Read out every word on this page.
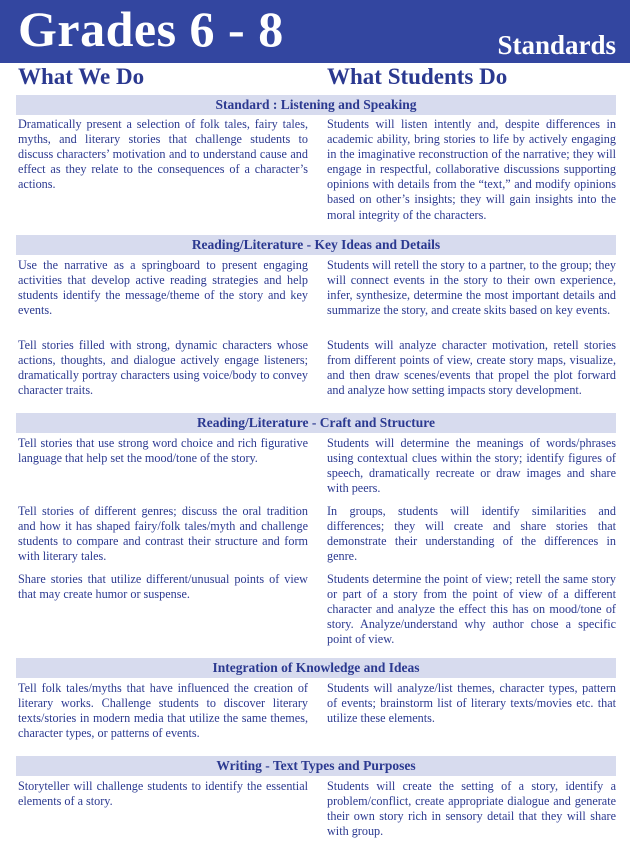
Grades 6 - 8	Standards
What We Do	What Students Do
Standard : Listening and Speaking
Dramatically present a selection of folk tales, fairy tales, myths, and literary stories that challenge students to discuss characters’ motivation and to understand cause and effect as they relate to the consequences of a character’s actions.
Students will listen intently and, despite differences in academic ability, bring stories to life by actively engaging in the imaginative reconstruction of the narrative; they will engage in respectful, collaborative discussions supporting opinions with details from the “text,” and modify opinions based on other’s insights; they will gain insights into the moral integrity of the characters.
Reading/Literature - Key Ideas and Details
Use the narrative as a springboard to present engaging activities that develop active reading strategies and help students identify the message/theme of the story and key events.
Students will retell the story to a partner, to the group; they will connect events in the story to their own experience, infer, synthesize, determine the most important details and summarize the story, and create skits based on key events.
Tell stories filled with strong, dynamic characters whose actions, thoughts, and dialogue actively engage listeners; dramatically portray characters using voice/body to convey character traits.
Students will analyze character motivation, retell stories from different points of view, create story maps, visualize, and then draw scenes/events that propel the plot forward and analyze how setting impacts story development.
Reading/Literature - Craft and Structure
Tell stories that use strong word choice and rich figurative language that help set the mood/tone of the story.
Students will determine the meanings of words/phrases using contextual clues within the story; identify figures of speech, dramatically recreate or draw images and share with peers.
Tell stories of different genres; discuss the oral tradition and how it has shaped fairy/folk tales/myth and challenge students to compare and contrast their structure and form with literary tales.
In groups, students will identify similarities and differences; they will create and share stories that demonstrate their understanding of the differences in genre.
Share stories that utilize different/unusual points of view that may create humor or suspense.
Students determine the point of view; retell the same story or part of a story from the point of view of a different character and analyze the effect this has on mood/tone of story. Analyze/understand why author chose a specific point of view.
Integration of Knowledge and Ideas
Tell folk tales/myths that have influenced the creation of literary works. Challenge students to discover literary texts/stories in modern media that utilize the same themes, character types, or patterns of events.
Students will analyze/list themes, character types, pattern of events; brainstorm list of literary texts/movies etc. that utilize these elements.
Writing - Text Types and Purposes
Storyteller will challenge students to identify the essential elements of a story.
Students will create the setting of a story, identify a problem/conflict, create appropriate dialogue and generate their own story rich in sensory detail that they will share with group.
